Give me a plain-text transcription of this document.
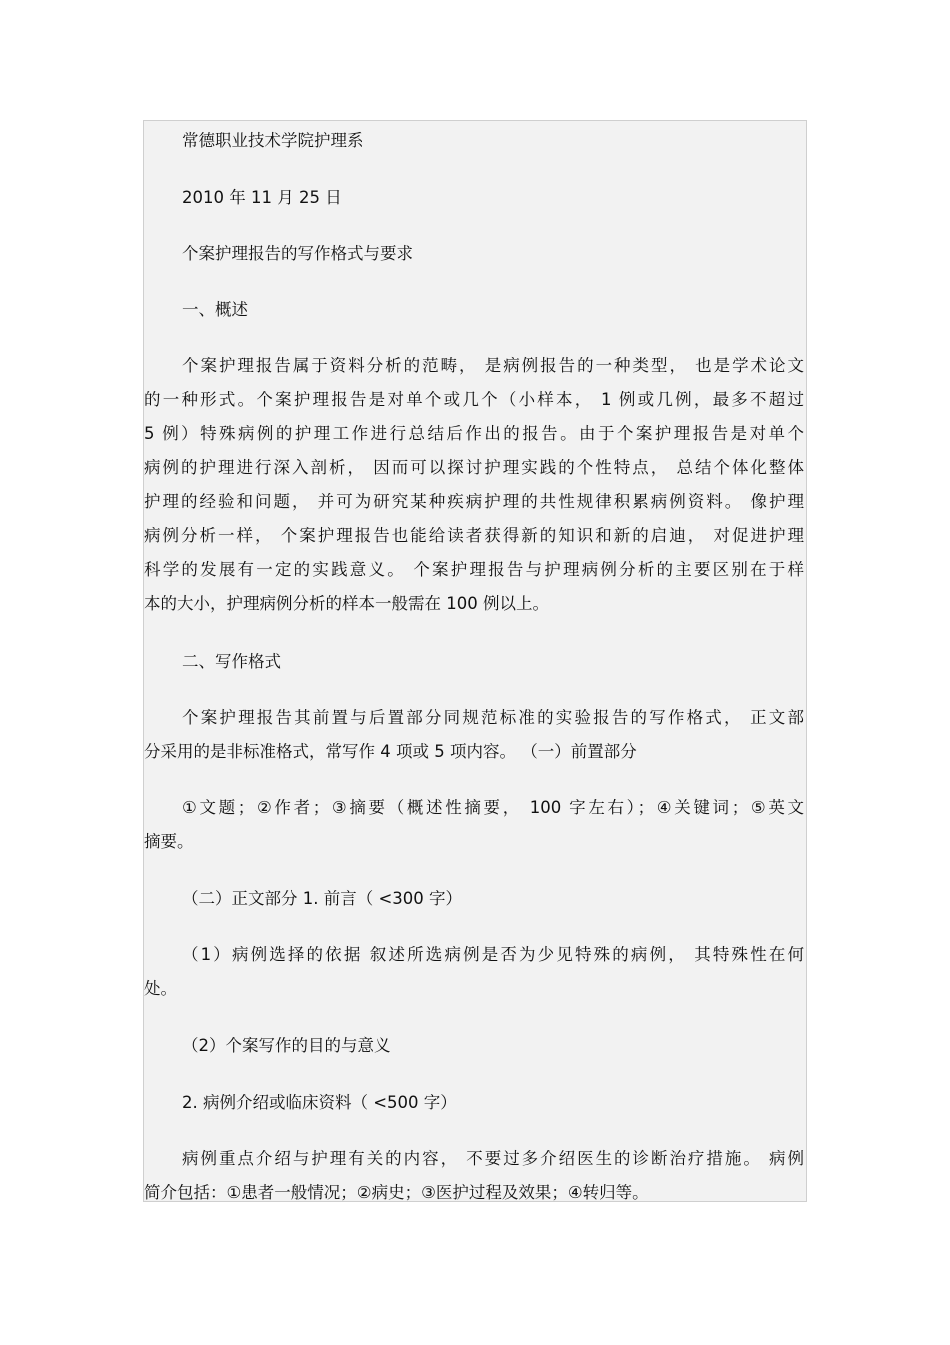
常德职业技术学院护理系

2010 年 11 月 25 日

个案护理报告的写作格式与要求

一、概述

个案护理报告属于资料分析的范畴， 是病例报告的一种类型， 也是学术论文

的一种形式。个案护理报告是对单个或几个（小样本， 1 例或几例，最多不超过

5 例）特殊病例的护理工作进行总结后作出的报告。由于个案护理报告是对单个

病例的护理进行深入剖析， 因而可以探讨护理实践的个性特点， 总结个体化整体

护理的经验和问题， 并可为研究某种疾病护理的共性规律积累病例资料。 像护理

病例分析一样， 个案护理报告也能给读者获得新的知识和新的启迪， 对促进护理

科学的发展有一定的实践意义。 个案护理报告与护理病例分析的主要区别在于样

本的大小，护理病例分析的样本一般需在 100 例以上。

二、写作格式

个案护理报告其前置与后置部分同规范标准的实验报告的写作格式， 正文部

分采用的是非标准格式，常写作 4 项或 5 项内容。 （一）前置部分

①文题；②作者；③摘要（概述性摘要， 100 字左右）；④关键词；⑤英文

摘要。

（二）正文部分 1. 前言（ <300 字）

（1）病例选择的依据 叙述所选病例是否为少见特殊的病例， 其特殊性在何

处。

（2）个案写作的目的与意义

2. 病例介绍或临床资料（ <500 字）

病例重点介绍与护理有关的内容， 不要过多介绍医生的诊断治疗措施。 病例

简介包括：①患者一般情况；②病史；③医护过程及效果；④转归等。
